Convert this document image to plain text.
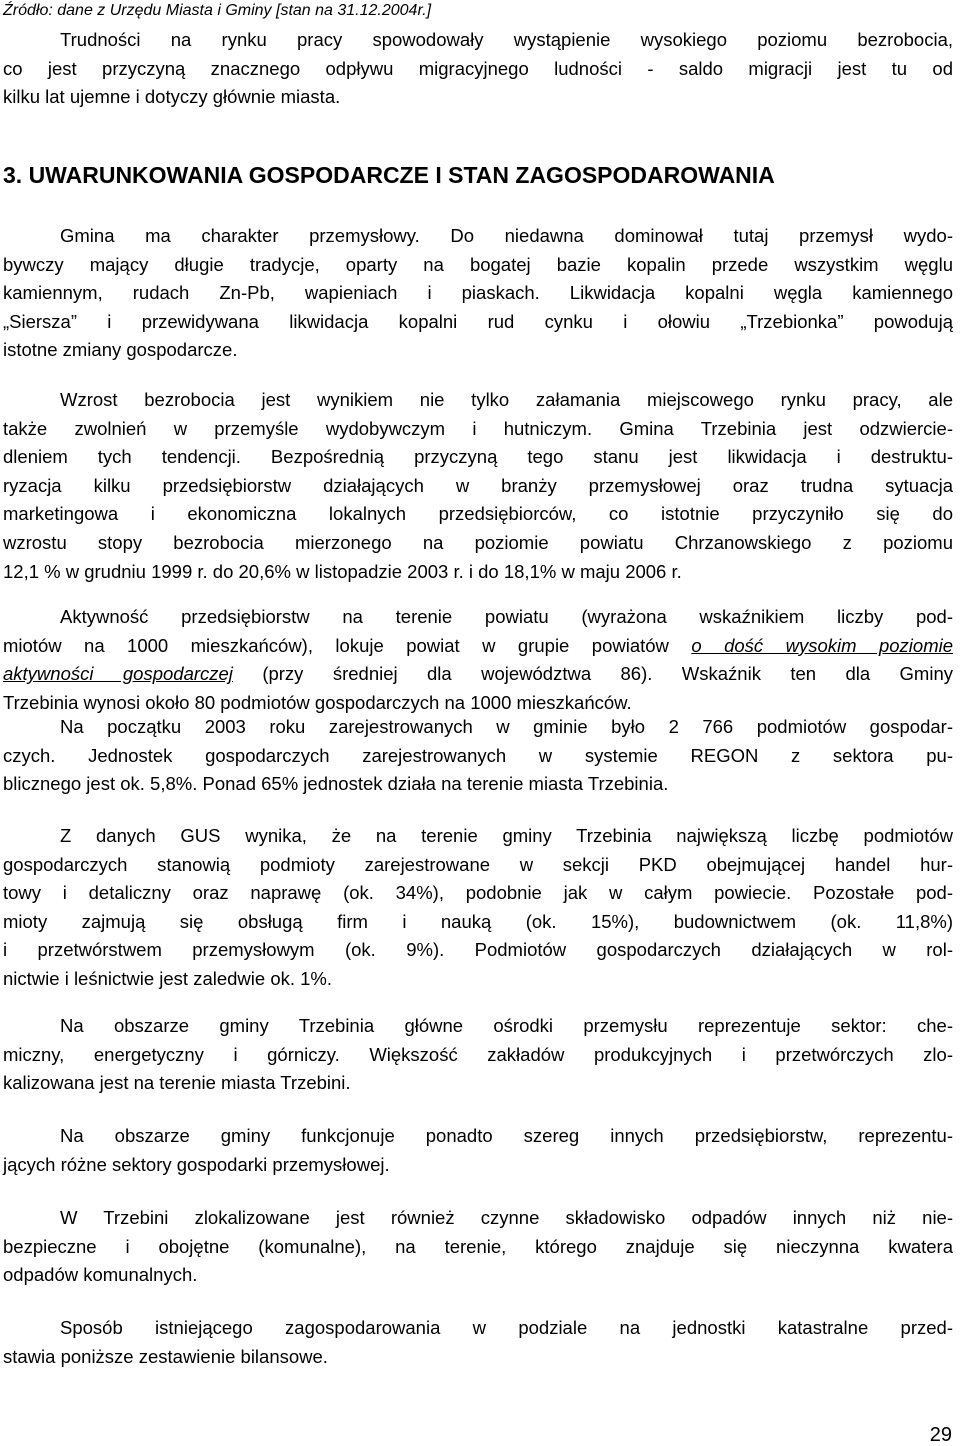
Źródło: dane z Urzędu Miasta i Gminy [stan na 31.12.2004r.]
Trudności na rynku pracy spowodowały wystąpienie wysokiego poziomu bezrobocia,
co jest przyczyną znacznego odpływu migracyjnego ludności - saldo migracji jest tu od
kilku lat ujemne i dotyczy głównie miasta.
3. UWARUNKOWANIA GOSPODARCZE I STAN ZAGOSPODAROWANIA
Gmina ma charakter przemysłowy. Do niedawna dominował tutaj przemysł wydo-
bywczy mający długie tradycje, oparty na bogatej bazie kopalin przede wszystkim węglu
kamiennym, rudach Zn-Pb, wapieniach i piaskach. Likwidacja kopalni węgla kamiennego
„Siersza” i przewidywana likwidacja kopalni rud cynku i ołowiu „Trzebionka” powodują
istotne zmiany gospodarcze.
Wzrost bezrobocia jest wynikiem nie tylko załamania miejscowego rynku pracy, ale
także zwolnień w przemyśle wydobywczym i hutniczym. Gmina Trzebinia jest odzwiercie-
dleniem tych tendencji. Bezpośrednią przyczyną tego stanu jest likwidacja i destruktu-
ryzacja kilku przedsiębiorstw działających w branży przemysłowej oraz trudna sytuacja
marketingowa i ekonomiczna lokalnych przedsiębiorców, co istotnie przyczyniło się do
wzrostu stopy bezrobocia mierzonego na poziomie powiatu Chrzanowskiego z poziomu
12,1 % w grudniu 1999 r. do 20,6% w listopadzie 2003 r. i do 18,1% w maju 2006 r.
Aktywność przedsiębiorstw na terenie powiatu (wyrażona wskaźnikiem liczby pod-
miotów na 1000 mieszkańców), lokuje powiat w grupie powiatów o dość wysokim poziomie
aktywności gospodarczej (przy średniej dla województwa 86). Wskaźnik ten dla Gminy
Trzebinia wynosi około 80 podmiotów gospodarczych na 1000 mieszkańców.
Na początku 2003 roku zarejestrowanych w gminie było 2 766 podmiotów gospodar-
czych. Jednostek gospodarczych zarejestrowanych w systemie REGON z sektora pu-
blicznego jest ok. 5,8%. Ponad 65% jednostek działa na terenie miasta Trzebinia.
Z danych GUS wynika, że na terenie gminy Trzebinia największą liczbę podmiotów
gospodarczych stanowią podmioty zarejestrowane w sekcji PKD obejmującej handel hur-
towy i detaliczny oraz naprawę (ok. 34%), podobnie jak w całym powiecie. Pozostałe pod-
mioty zajmują się obsługą firm i nauką (ok. 15%), budownictwem (ok. 11,8%)
i przetwórstwem przemysłowym (ok. 9%). Podmiotów gospodarczych działających w rol-
nictwie i leśnictwie jest zaledwie ok. 1%.
Na obszarze gminy Trzebinia główne ośrodki przemysłu reprezentuje sektor: che-
miczny, energetyczny i górniczy. Większość zakładów produkcyjnych i przetwórczych zlo-
kalizowana jest na terenie miasta Trzebini.
Na obszarze gminy funkcjonuje ponadto szereg innych przedsiębiorstw, reprezentu-
jących różne sektory gospodarki przemysłowej.
W Trzebini zlokalizowane jest również czynne składowisko odpadów innych niż nie-
bezpieczne i obojętne (komunalne), na terenie, którego znajduje się nieczynna kwatera
odpadów komunalnych.
Sposób istniejącego zagospodarowania w podziale na jednostki katastralne przed-
stawia poniższe zestawienie bilansowe.
29
